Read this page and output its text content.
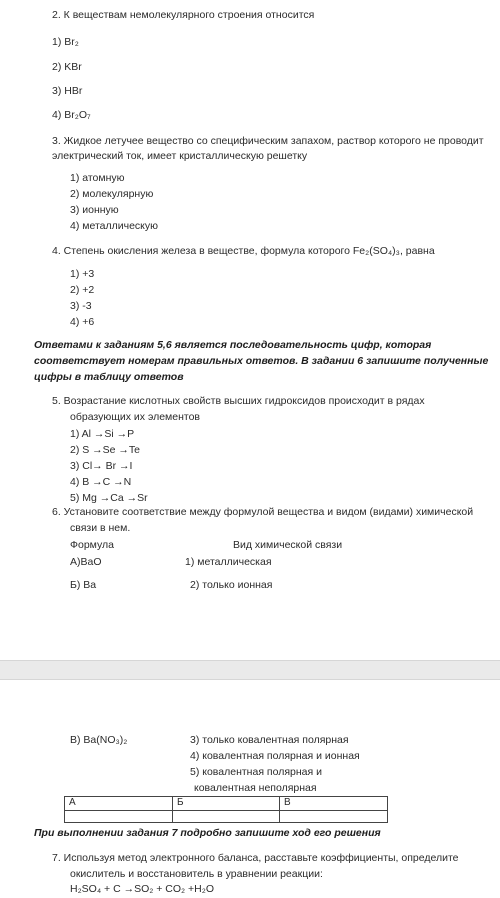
2. К веществам немолекулярного строения относится
1) Br₂
2) KBr
3) HBr
4) Br₂O₇
3. Жидкое летучее вещество со специфическим запахом, раствор которого не проводит
электрический ток, имеет кристаллическую решетку
1) атомную
2) молекулярную
3) ионную
4) металлическую
4. Степень окисления железа в веществе, формула которого Fe₂(SO₄)₃, равна
1) +3
2) +2
3) -3
4) +6
Ответами к заданиям 5,6 является последовательность цифр, которая
соответствует номерам правильных ответов. В задании 6 запишите полученные
цифры в таблицу ответов
5. Возрастание кислотных свойств высших гидроксидов происходит в рядах
образующих их элементов
1) Al →Si →P
2) S →Se →Te
3) Cl→ Br →I
4) B →C →N
5) Mg →Ca →Sr
6. Установите соответствие между формулой вещества и видом (видами) химической
связи в нем.
Формула	Вид химической связи
А)ВаО	1) металлическая
Б) Ва	2) только ионная
В) Ba(NO₃)₂	3) только ковалентная полярная
4) ковалентная полярная и ионная
5) ковалентная полярная и
ковалентная неполярная
А	Б	В

При выполнении задания 7 подробно запишите ход его решения
7. Используя метод электронного баланса, расставьте коэффициенты, определите
окислитель и восстановитель в уравнении реакции:
H₂SO₄ + C →SO₂ + CO₂ +H₂O
